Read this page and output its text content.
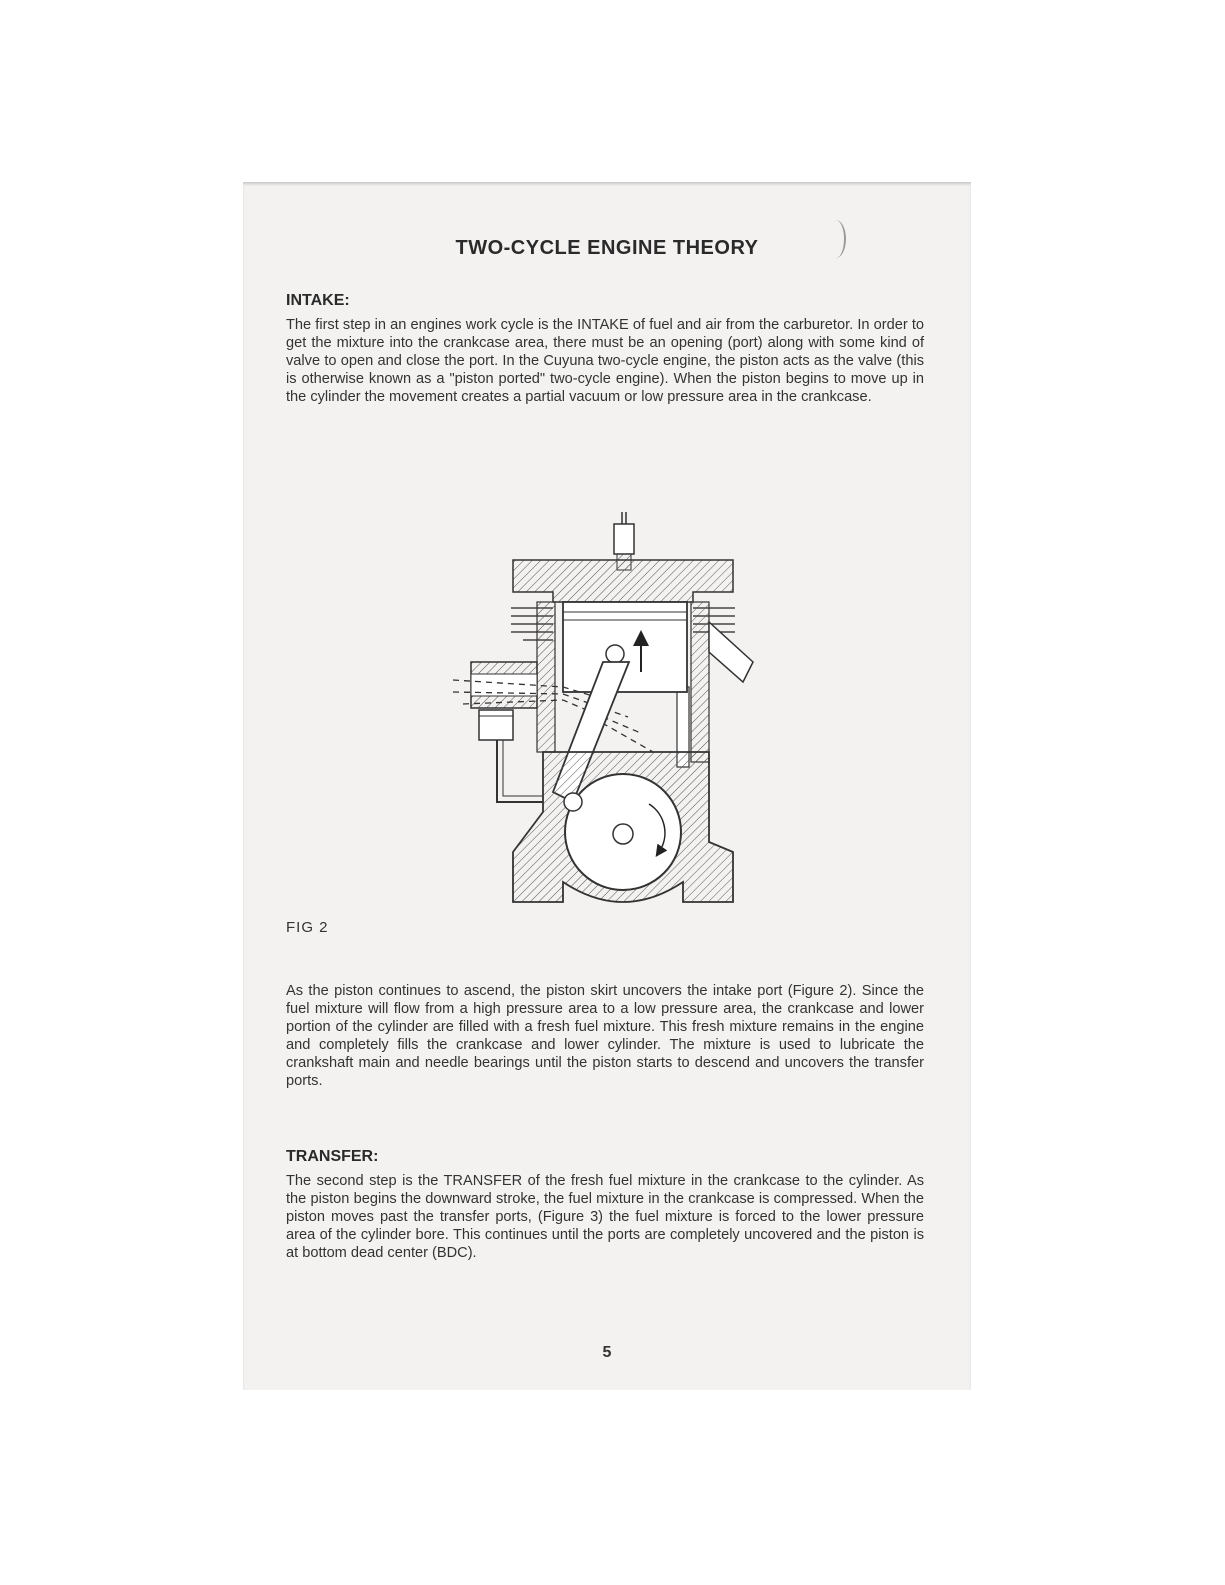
TWO-CYCLE ENGINE THEORY
INTAKE:

The first step in an engines work cycle is the INTAKE of fuel and air from the carburetor. In order to get the mixture into the crankcase area, there must be an opening (port) along with some kind of valve to open and close the port. In the Cuyuna two-cycle engine, the piston acts as the valve (this is otherwise known as a "piston ported" two-cycle engine). When the piston begins to move up in the cylinder the movement creates a partial vacuum or low pressure area in the crankcase.

FIG 2

As the piston continues to ascend, the piston skirt uncovers the intake port (Figure 2). Since the fuel mixture will flow from a high pressure area to a low pressure area, the crankcase and lower portion of the cylinder are filled with a fresh fuel mixture. This fresh mixture remains in the engine and completely fills the crankcase and lower cylinder. The mixture is used to lubricate the crankshaft main and needle bearings until the piston starts to descend and uncovers the transfer ports.

TRANSFER:

The second step is the TRANSFER of the fresh fuel mixture in the crankcase to the cylinder. As the piston begins the downward stroke, the fuel mixture in the crankcase is compressed. When the piston moves past the transfer ports, (Figure 3) the fuel mixture is forced to the lower pressure area of the cylinder bore. This continues until the ports are completely uncovered and the piston is at bottom dead center (BDC).

5
